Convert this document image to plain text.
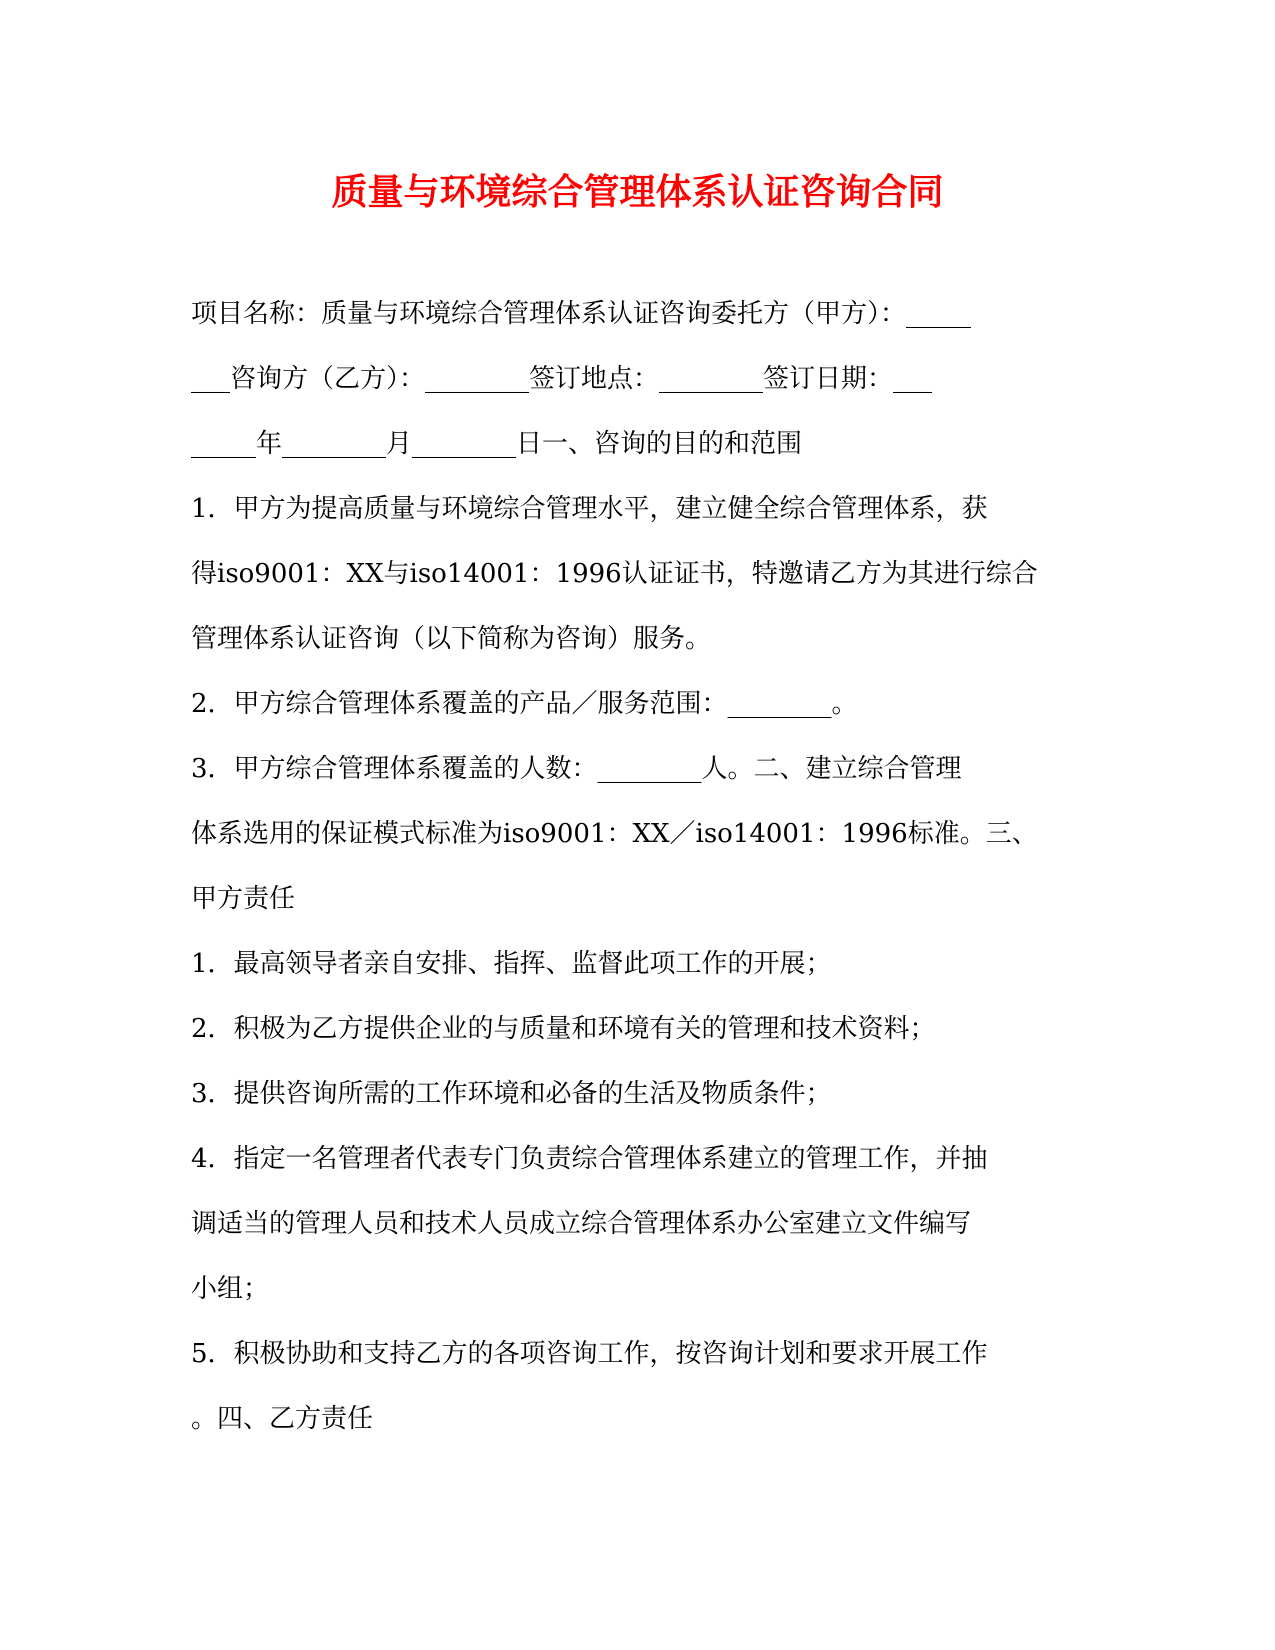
质量与环境综合管理体系认证咨询合同
项目名称：质量与环境综合管理体系认证咨询委托方（甲方）：_____
___咨询方（乙方）：________签订地点：________签订日期：___
_____年________月________日一、咨询的目的和范围
1．甲方为提高质量与环境综合管理水平，建立健全综合管理体系，获
得iso9001：XX与iso14001：1996认证证书，特邀请乙方为其进行综合
管理体系认证咨询（以下简称为咨询）服务。
2．甲方综合管理体系覆盖的产品／服务范围：________。
3．甲方综合管理体系覆盖的人数：________人。二、建立综合管理
体系选用的保证模式标准为iso9001：XX／iso14001：1996标准。三、
甲方责任
1．最高领导者亲自安排、指挥、监督此项工作的开展；
2．积极为乙方提供企业的与质量和环境有关的管理和技术资料；
3．提供咨询所需的工作环境和必备的生活及物质条件；
4．指定一名管理者代表专门负责综合管理体系建立的管理工作，并抽
调适当的管理人员和技术人员成立综合管理体系办公室建立文件编写
小组；
5．积极协助和支持乙方的各项咨询工作，按咨询计划和要求开展工作
。四、乙方责任
